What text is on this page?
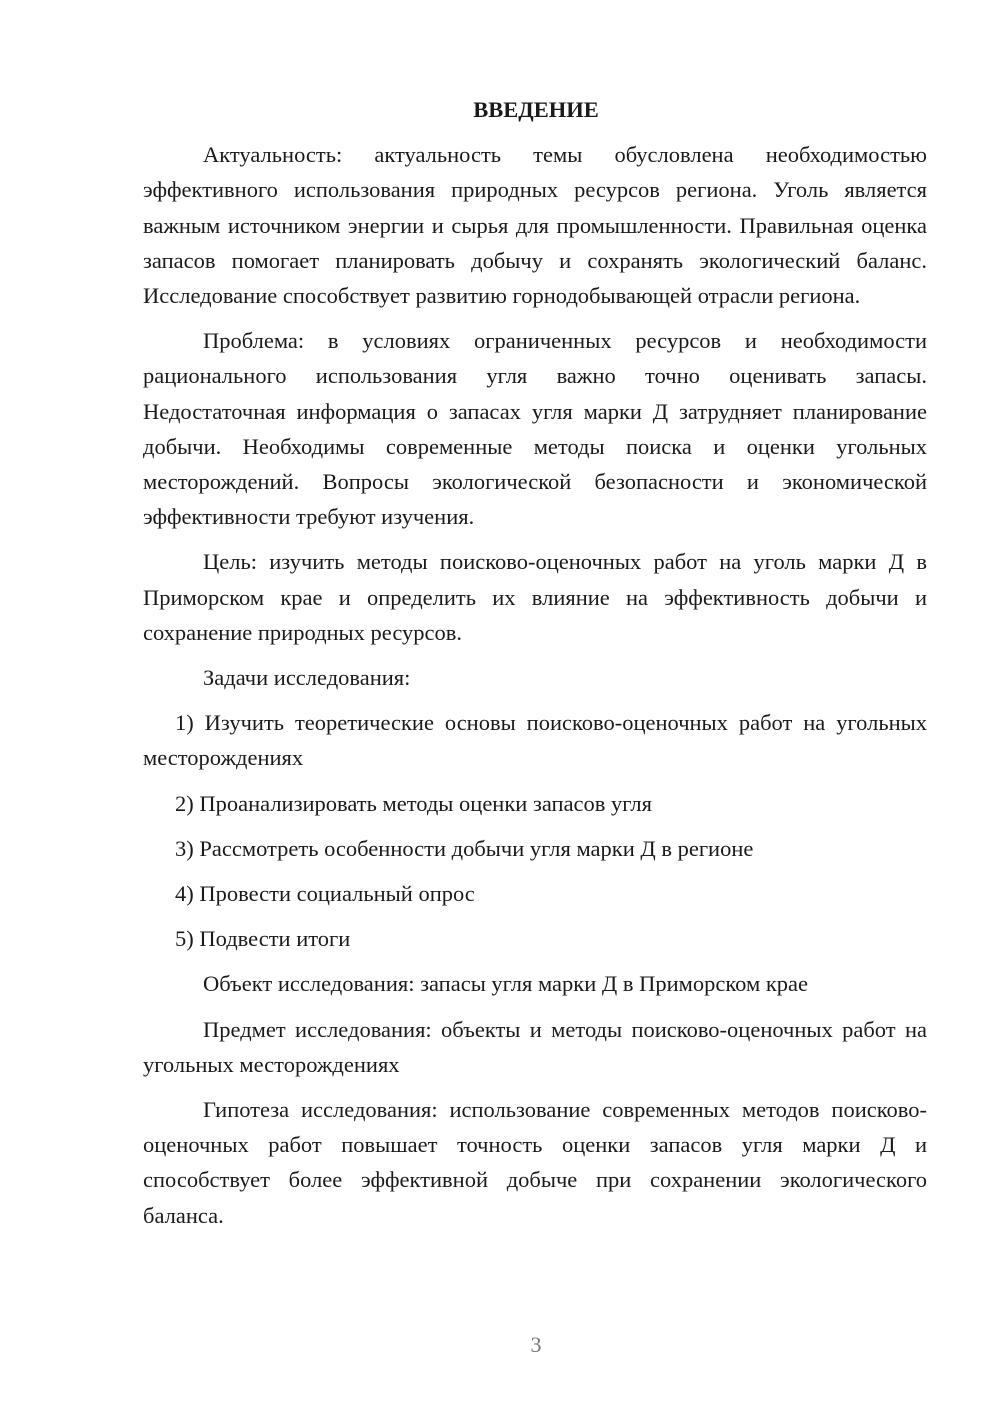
ВВЕДЕНИЕ
Актуальность: актуальность темы обусловлена необходимостью эффективного использования природных ресурсов региона. Уголь является важным источником энергии и сырья для промышленности. Правильная оценка запасов помогает планировать добычу и сохранять экологический баланс. Исследование способствует развитию горнодобывающей отрасли региона.
Проблема: в условиях ограниченных ресурсов и необходимости рационального использования угля важно точно оценивать запасы. Недостаточная информация о запасах угля марки Д затрудняет планирование добычи. Необходимы современные методы поиска и оценки угольных месторождений. Вопросы экологической безопасности и экономической эффективности требуют изучения.
Цель: изучить методы поисково-оценочных работ на уголь марки Д в Приморском крае и определить их влияние на эффективность добычи и сохранение природных ресурсов.
Задачи исследования:
1) Изучить теоретические основы поисково-оценочных работ на угольных месторождениях
2) Проанализировать методы оценки запасов угля
3) Рассмотреть особенности добычи угля марки Д в регионе
4) Провести социальный опрос
5) Подвести итоги
Объект исследования: запасы угля марки Д в Приморском крае
Предмет исследования: объекты и методы поисково-оценочных работ на угольных месторождениях
Гипотеза исследования: использование современных методов поисково-оценочных работ повышает точность оценки запасов угля марки Д и способствует более эффективной добыче при сохранении экологического баланса.
3
